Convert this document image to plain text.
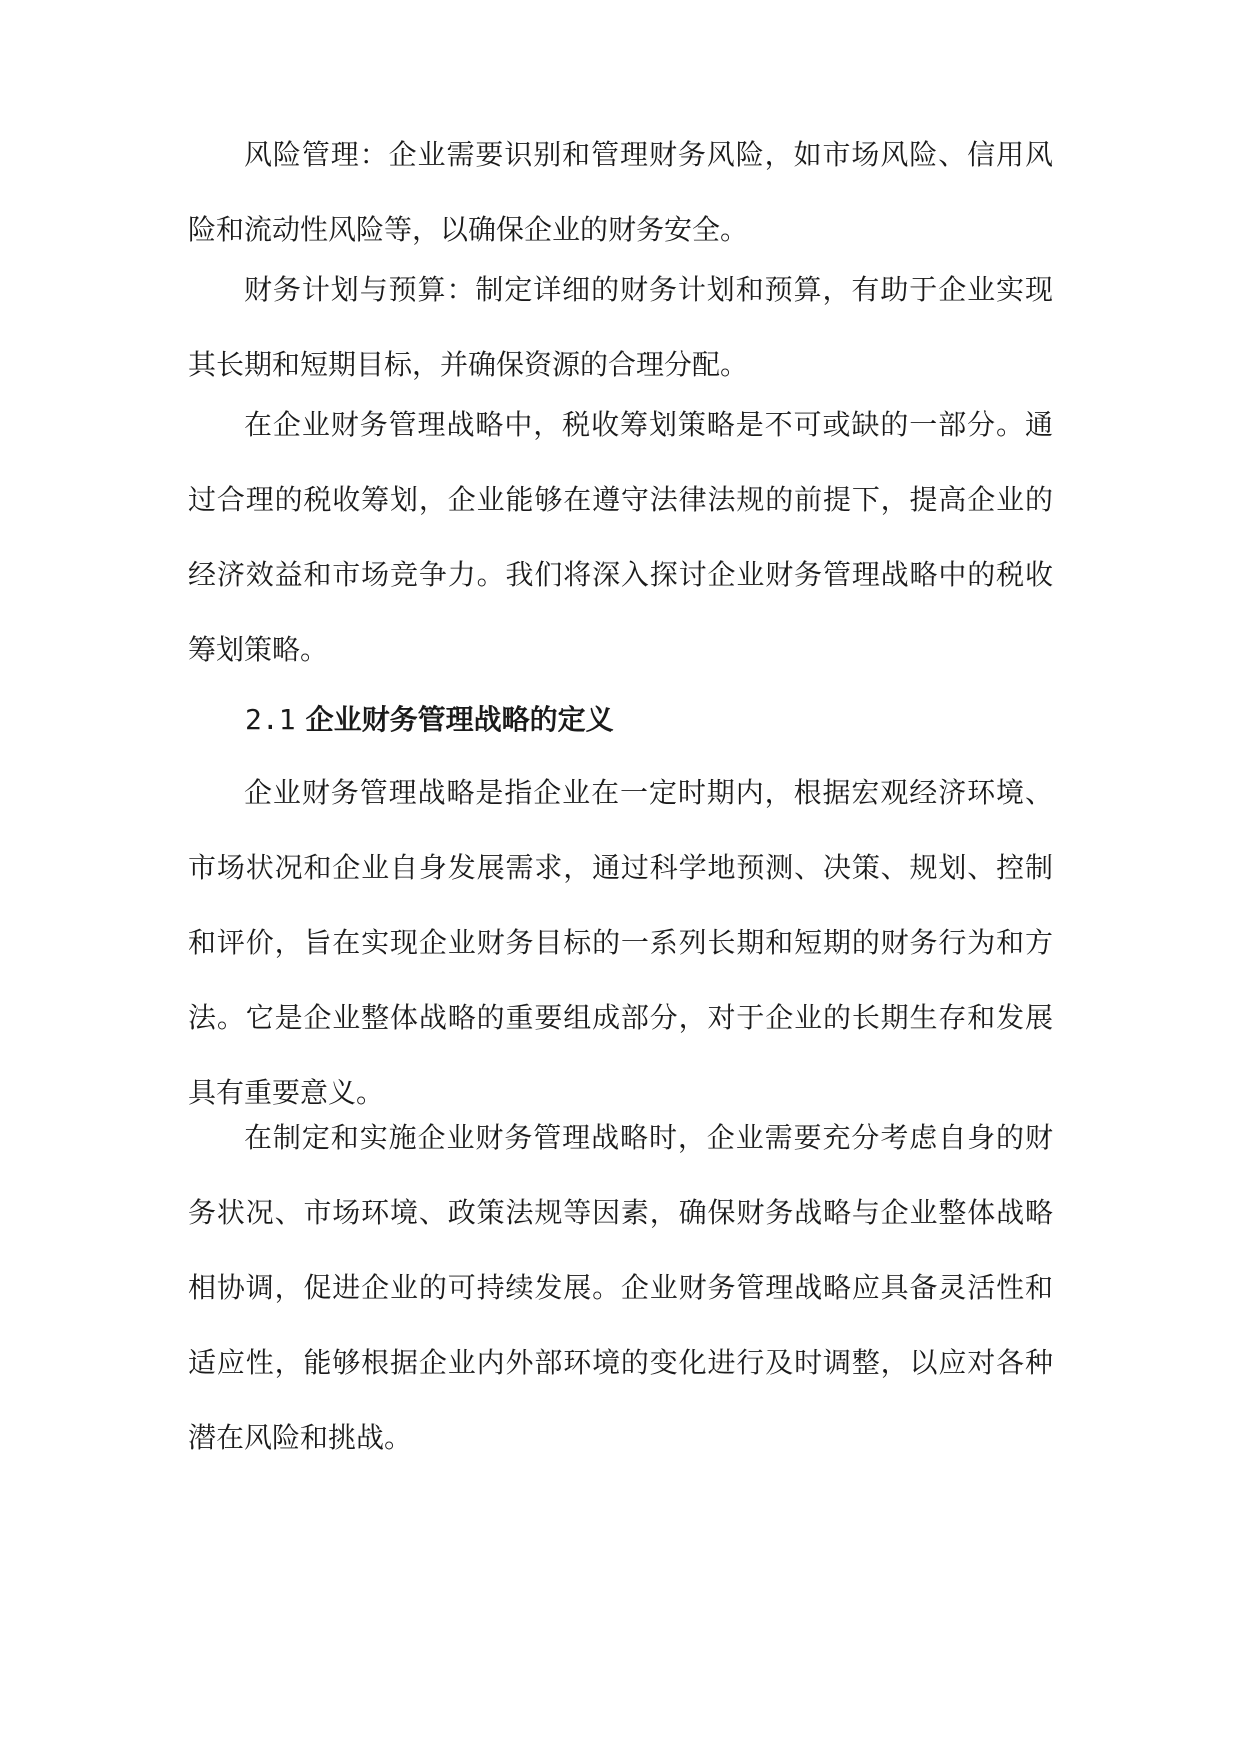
风险管理：企业需要识别和管理财务风险，如市场风险、信用风险和流动性风险等，以确保企业的财务安全。

财务计划与预算：制定详细的财务计划和预算，有助于企业实现其长期和短期目标，并确保资源的合理分配。

在企业财务管理战略中，税收筹划策略是不可或缺的一部分。通过合理的税收筹划，企业能够在遵守法律法规的前提下，提高企业的经济效益和市场竞争力。我们将深入探讨企业财务管理战略中的税收筹划策略。

2.1 企业财务管理战略的定义

企业财务管理战略是指企业在一定时期内，根据宏观经济环境、市场状况和企业自身发展需求，通过科学地预测、决策、规划、控制和评价，旨在实现企业财务目标的一系列长期和短期的财务行为和方法。它是企业整体战略的重要组成部分，对于企业的长期生存和发展具有重要意义。

在制定和实施企业财务管理战略时，企业需要充分考虑自身的财务状况、市场环境、政策法规等因素，确保财务战略与企业整体战略相协调，促进企业的可持续发展。企业财务管理战略应具备灵活性和适应性，能够根据企业内外部环境的变化进行及时调整，以应对各种潜在风险和挑战。
